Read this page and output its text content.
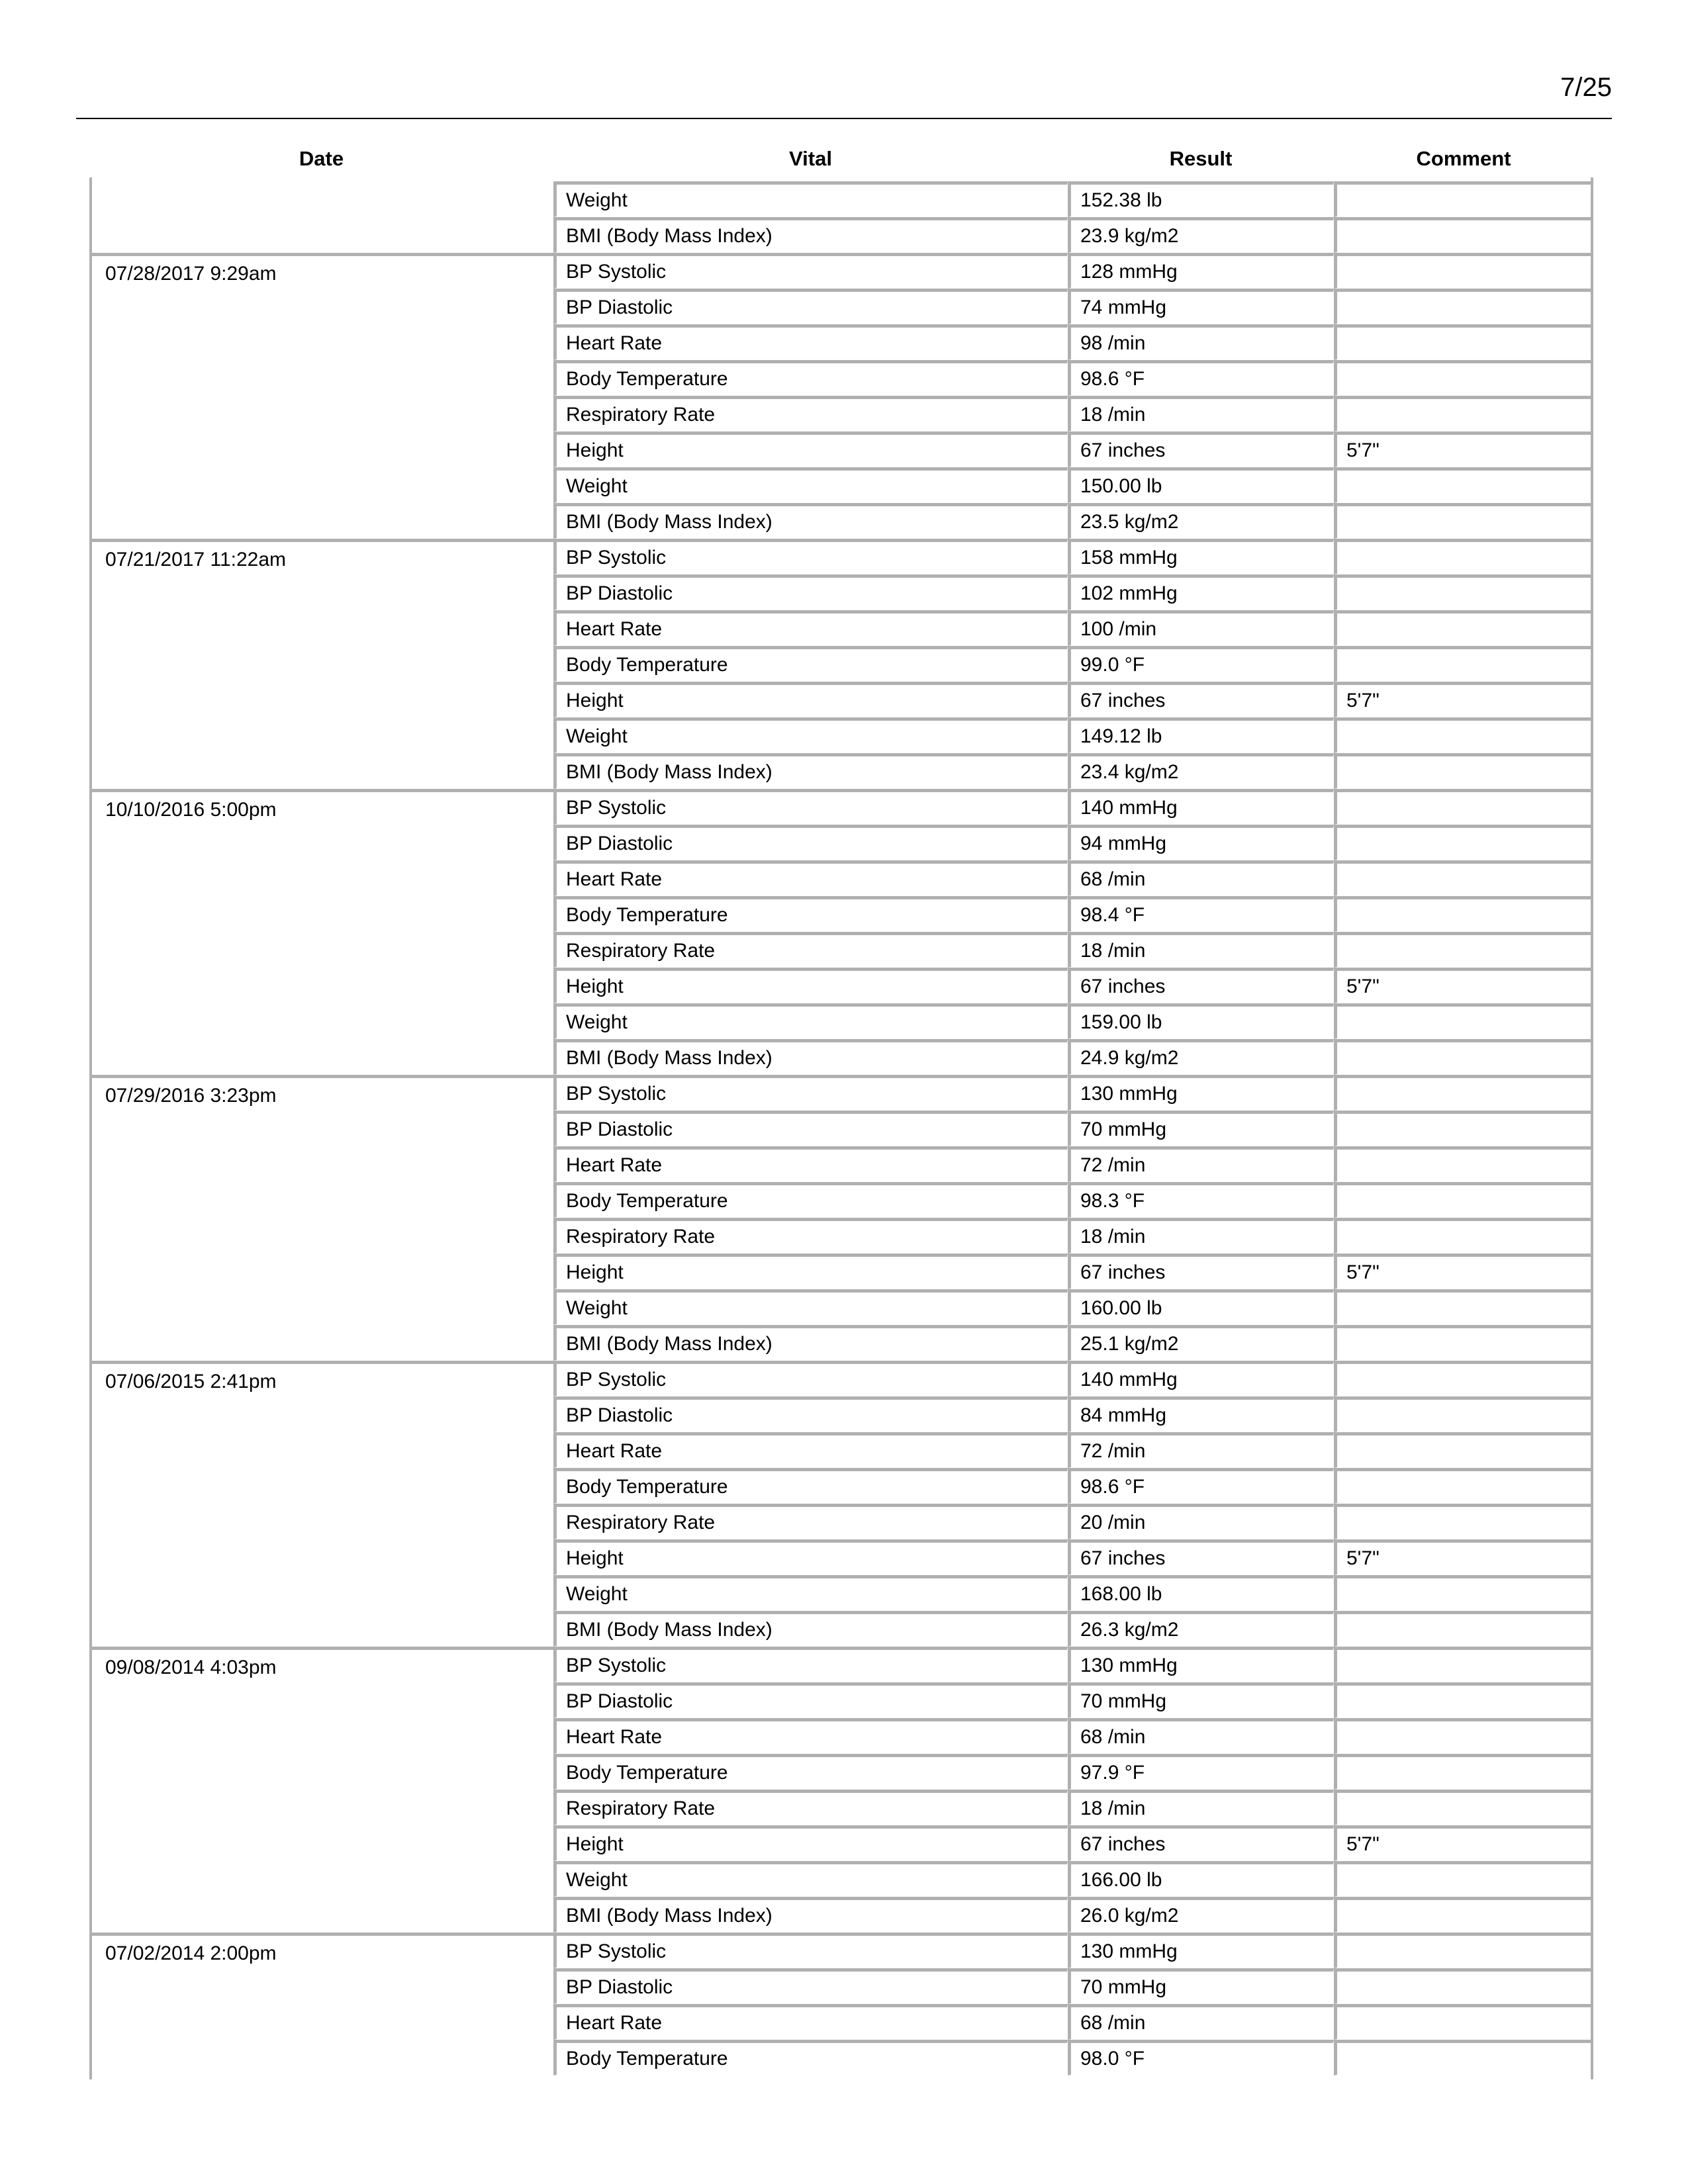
7/25
Date	Vital	Result	Comment

	Weight	152.38 lb	

	BMI (Body Mass Index)	23.9 kg/m2	

07/28/2017 9:29am	BP Systolic	128 mmHg	

	BP Diastolic	74 mmHg	

	Heart Rate	98 /min	

	Body Temperature	98.6 °F	

	Respiratory Rate	18 /min	

	Height	67 inches	5'7"

	Weight	150.00 lb	

	BMI (Body Mass Index)	23.5 kg/m2	

07/21/2017 11:22am	BP Systolic	158 mmHg	

	BP Diastolic	102 mmHg	

	Heart Rate	100 /min	

	Body Temperature	99.0 °F	

	Height	67 inches	5'7"

	Weight	149.12 lb	

	BMI (Body Mass Index)	23.4 kg/m2	

10/10/2016 5:00pm	BP Systolic	140 mmHg	

	BP Diastolic	94 mmHg	

	Heart Rate	68 /min	

	Body Temperature	98.4 °F	

	Respiratory Rate	18 /min	

	Height	67 inches	5'7"

	Weight	159.00 lb	

	BMI (Body Mass Index)	24.9 kg/m2	

07/29/2016 3:23pm	BP Systolic	130 mmHg	

	BP Diastolic	70 mmHg	

	Heart Rate	72 /min	

	Body Temperature	98.3 °F	

	Respiratory Rate	18 /min	

	Height	67 inches	5'7"

	Weight	160.00 lb	

	BMI (Body Mass Index)	25.1 kg/m2	

07/06/2015 2:41pm	BP Systolic	140 mmHg	

	BP Diastolic	84 mmHg	

	Heart Rate	72 /min	

	Body Temperature	98.6 °F	

	Respiratory Rate	20 /min	

	Height	67 inches	5'7"

	Weight	168.00 lb	

	BMI (Body Mass Index)	26.3 kg/m2	

09/08/2014 4:03pm	BP Systolic	130 mmHg	

	BP Diastolic	70 mmHg	

	Heart Rate	68 /min	

	Body Temperature	97.9 °F	

	Respiratory Rate	18 /min	

	Height	67 inches	5'7"

	Weight	166.00 lb	

	BMI (Body Mass Index)	26.0 kg/m2	

07/02/2014 2:00pm	BP Systolic	130 mmHg	

	BP Diastolic	70 mmHg	

	Heart Rate	68 /min	

	Body Temperature	98.0 °F	
